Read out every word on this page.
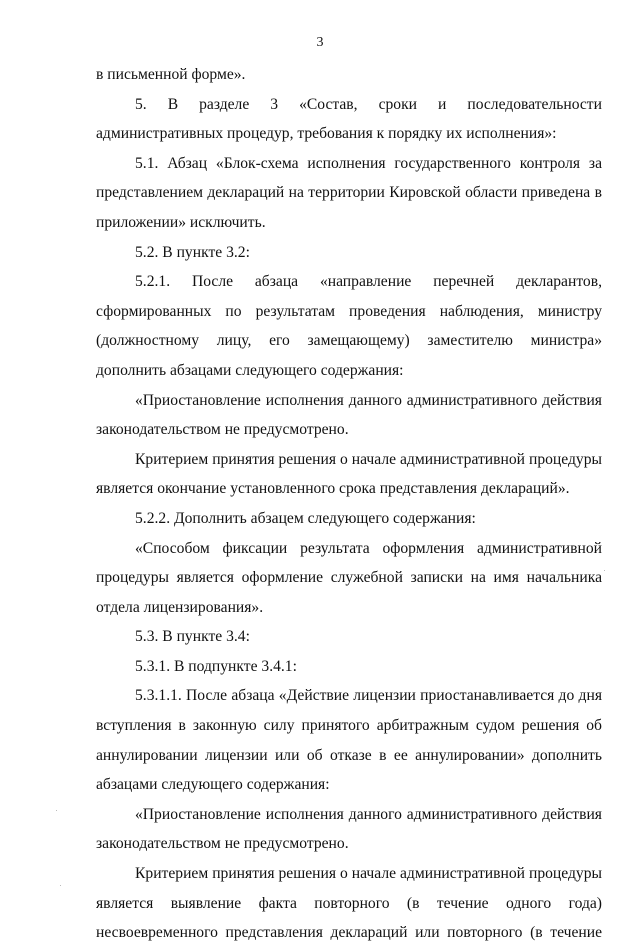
3

в письменной форме».

5. В разделе 3 «Состав, сроки и последовательности

административных процедур, требования к порядку их исполнения»:

5.1. Абзац «Блок-схема исполнения государственного контроля за представлением деклараций на территории Кировской области приведена в приложении» исключить.

5.2. В пункте 3.2:

5.2.1. После абзаца «направление перечней декларантов, сформированных по результатам проведения наблюдения, министру (должностному лицу, его замещающему) заместителю министра» дополнить абзацами следующего содержания:

«Приостановление исполнения данного административного действия законодательством не предусмотрено.

Критерием принятия решения о начале административной процедуры является окончание установленного срока представления деклараций».

5.2.2. Дополнить абзацем следующего содержания:

«Способом фиксации результата оформления административной процедуры является оформление служебной записки на имя начальника отдела лицензирования».

5.3. В пункте 3.4:

5.3.1. В подпункте 3.4.1:

5.3.1.1. После абзаца «Действие лицензии приостанавливается до дня вступления в законную силу принятого арбитражным судом решения об аннулировании лицензии или об отказе в ее аннулировании» дополнить абзацами следующего содержания:

«Приостановление исполнения данного административного действия законодательством не предусмотрено.

Критерием принятия решения о начале административной процедуры является выявление факта повторного (в течение одного года) несвоевременного представления деклараций или повторного (в течение
